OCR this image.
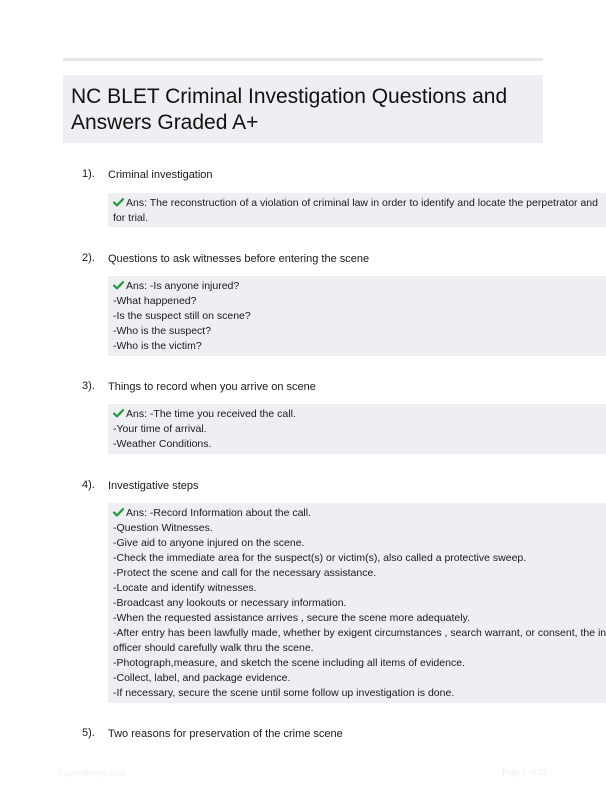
NC BLET Criminal Investigation Questions and Answers Graded A+
1). Criminal investigation
Ans: The reconstruction of a violation of criminal law in order to identify and locate the perpetrator and
for trial.
2). Questions to ask witnesses before entering the scene
Ans: -Is anyone injured?
-What happened?
-Is the suspect still on scene?
-Who is the suspect?
-Who is the victim?
3). Things to record when you arrive on scene
Ans: -The time you received the call.
-Your time of arrival.
-Weather Conditions.
4). Investigative steps
Ans: -Record Information about the call.
-Question Witnesses.
-Give aid to anyone injured on the scene.
-Check the immediate area for the suspect(s) or victim(s), also called a protective sweep.
-Protect the scene and call for the necessary assistance.
-Locate and identify witnesses.
-Broadcast any lookouts or necessary information.
-When the requested assistance arrives , secure the scene more adequately.
-After entry has been lawfully made, whether by exigent circumstances , search warrant, or consent, the in
officer should carefully walk thru the scene.
-Photograph,measure, and sketch the scene including all items of evidence.
-Collect, label, and package evidence.
-If necessary, secure the scene until some follow up investigation is done.
5). Two reasons for preservation of the crime scene
Paperlibrary.com	Page 1 of 22
